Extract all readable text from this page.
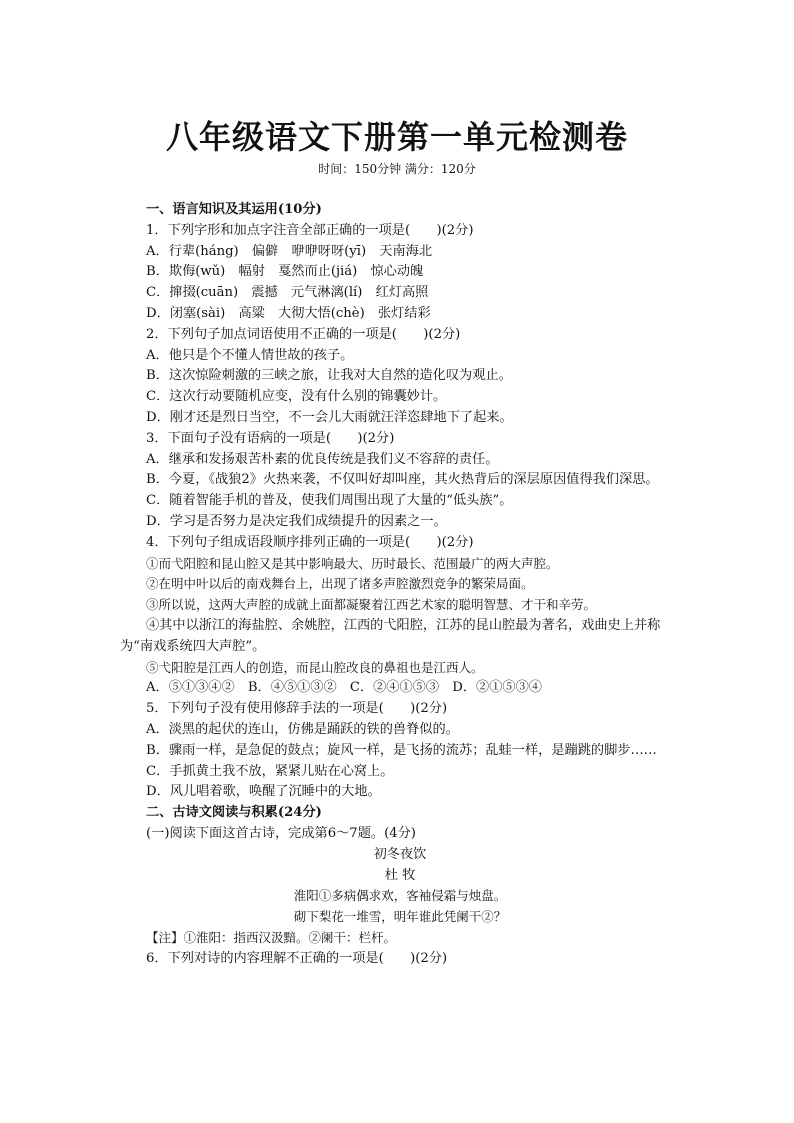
八年级语文下册第一单元检测卷
时间：150分钟 满分：120分
一、语言知识及其运用(10分)
1．下列字形和加点字注音全部正确的一项是(　　)(2分)
A．行辈(háng)　偏僻　咿咿呀呀(yī)　天南海北
B．欺侮(wǔ)　幅射　戛然而止(jiá)　惊心动魄
C．撺掇(cuān)　震撼　元气淋漓(lí)　红灯高照
D．闭塞(sài)　高粱　大彻大悟(chè)　张灯结彩
2．下列句子加点词语使用不正确的一项是(　　)(2分)
A．他只是个不懂人情世故的孩子。
B．这次惊险刺激的三峡之旅，让我对大自然的造化叹为观止。
C．这次行动要随机应变，没有什么别的锦囊妙计。
D．刚才还是烈日当空，不一会儿大雨就汪洋恣肆地下了起来。
3．下面句子没有语病的一项是(　　)(2分)
A．继承和发扬艰苦朴素的优良传统是我们义不容辞的责任。
B．今夏，《战狼2》火热来袭，不仅叫好却叫座，其火热背后的深层原因值得我们深思。
C．随着智能手机的普及，使我们周围出现了大量的“低头族”。
D．学习是否努力是决定我们成绩提升的因素之一。
4．下列句子组成语段顺序排列正确的一项是(　　)(2分)
①而弋阳腔和昆山腔又是其中影响最大、历时最长、范围最广的两大声腔。
②在明中叶以后的南戏舞台上，出现了诸多声腔激烈竞争的繁荣局面。
③所以说，这两大声腔的成就上面都凝聚着江西艺术家的聪明智慧、才干和辛劳。
④其中以浙江的海盐腔、余姚腔，江西的弋阳腔，江苏的昆山腔最为著名，戏曲史上并称为“南戏系统四大声腔”。
⑤弋阳腔是江西人的创造，而昆山腔改良的鼻祖也是江西人。
A．⑤①③④②　B．④⑤①③②　C．②④①⑤③　D．②①⑤③④
5．下列句子没有使用修辞手法的一项是(　　)(2分)
A．淡黑的起伏的连山，仿佛是踊跃的铁的兽脊似的。
B．骤雨一样，是急促的鼓点；旋风一样，是飞扬的流苏；乱蛙一样，是蹦跳的脚步……
C．手抓黄土我不放，紧紧儿贴在心窝上。
D．风儿唱着歌，唤醒了沉睡中的大地。
二、古诗文阅读与积累(24分)
(一)阅读下面这首古诗，完成第6～7题。(4分)
初冬夜饮
杜 牧
淮阳①多病偶求欢，客袖侵霜与烛盘。
砌下梨花一堆雪，明年谁此凭阑干②？
【注】①淮阳：指西汉汲黯。②阑干：栏杆。
6．下列对诗的内容理解不正确的一项是(　　)(2分)
